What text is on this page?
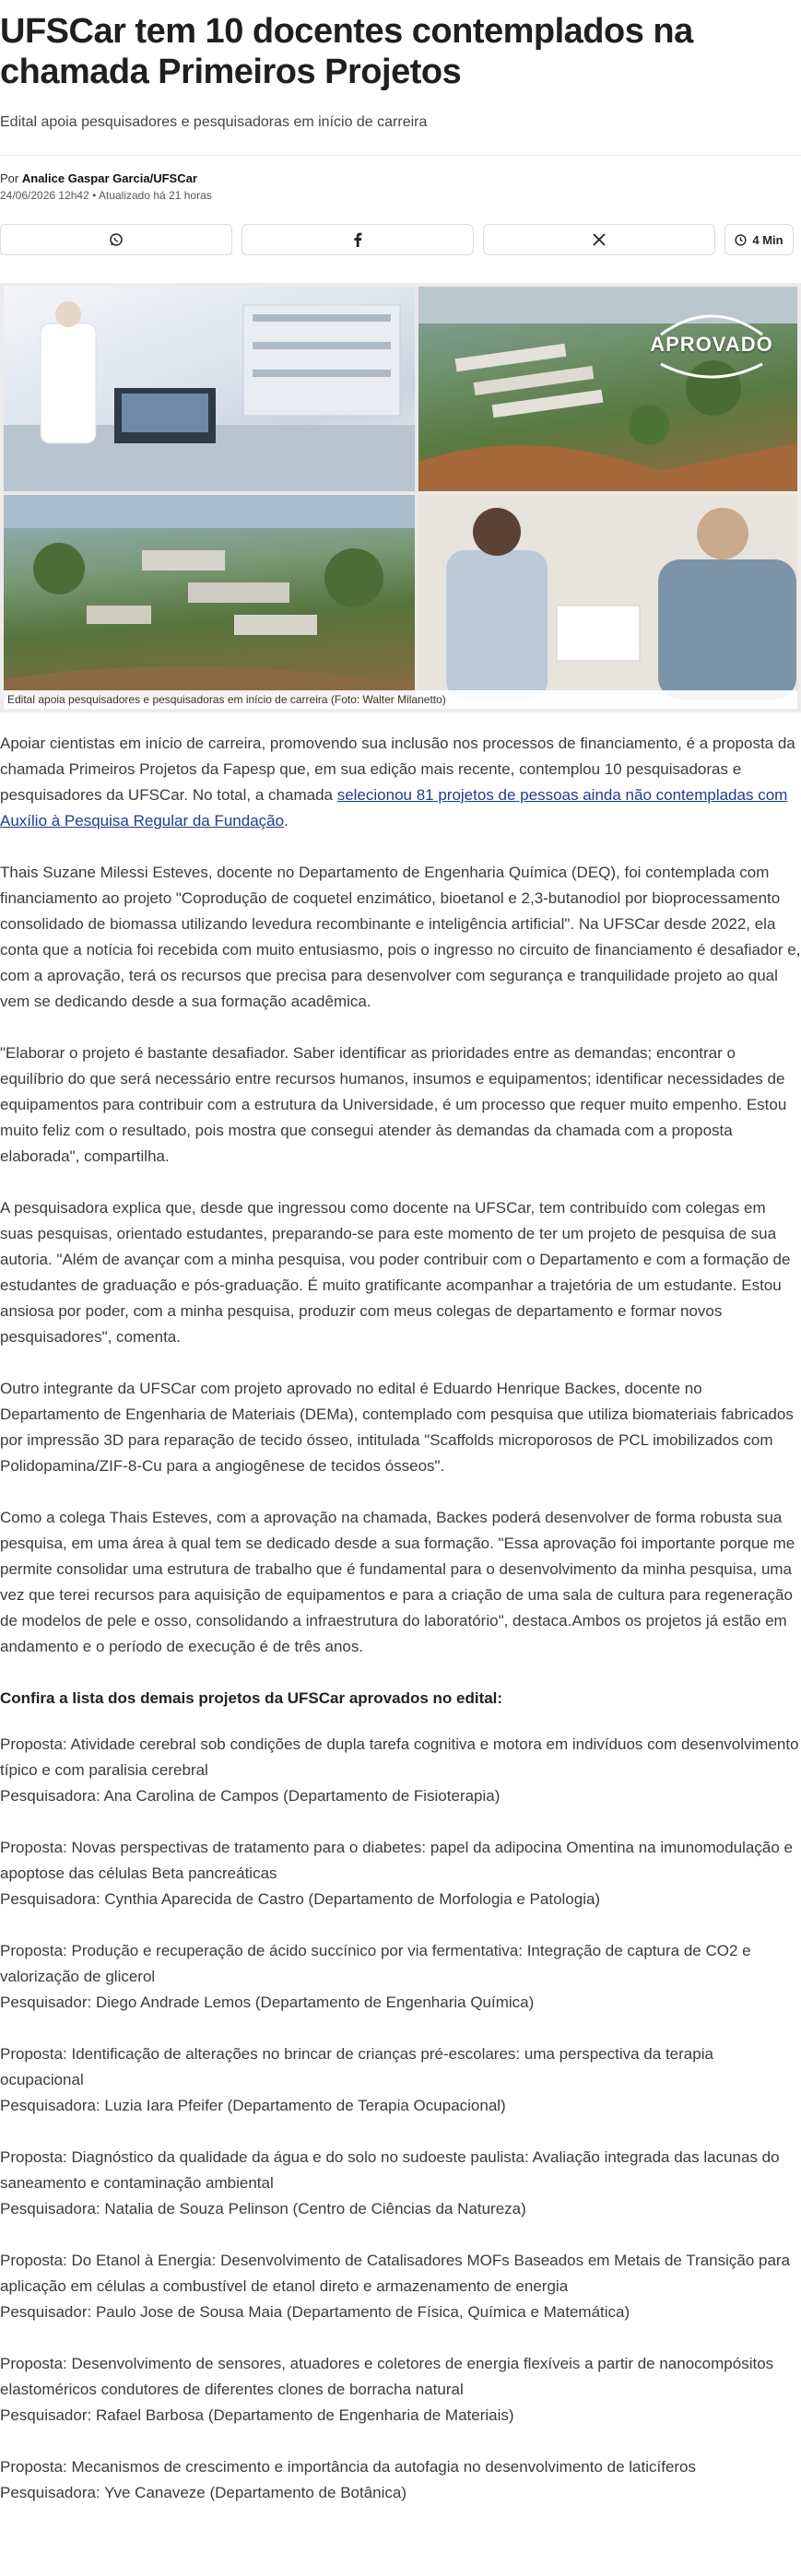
UFSCar tem 10 docentes contemplados na chamada Primeiros Projetos

Edital apoia pesquisadores e pesquisadoras em início de carreira

Por Analice Gaspar Garcia/UFSCar
24/06/2026 12h42 • Atualizado há 21 horas
4 Min
APROVADO
Edital apoia pesquisadores e pesquisadoras em início de carreira (Foto: Walter Milanetto)

Apoiar cientistas em início de carreira, promovendo sua inclusão nos processos de financiamento, é a proposta da chamada Primeiros Projetos da Fapesp que, em sua edição mais recente, contemplou 10 pesquisadoras e pesquisadores da UFSCar. No total, a chamada selecionou 81 projetos de pessoas ainda não contempladas com Auxílio à Pesquisa Regular da Fundação.

Thais Suzane Milessi Esteves, docente no Departamento de Engenharia Química (DEQ), foi contemplada com financiamento ao projeto "Coprodução de coquetel enzimático, bioetanol e 2,3-butanodiol por bioprocessamento consolidado de biomassa utilizando levedura recombinante e inteligência artificial". Na UFSCar desde 2022, ela conta que a notícia foi recebida com muito entusiasmo, pois o ingresso no circuito de financiamento é desafiador e, com a aprovação, terá os recursos que precisa para desenvolver com segurança e tranquilidade projeto ao qual vem se dedicando desde a sua formação acadêmica.

"Elaborar o projeto é bastante desafiador. Saber identificar as prioridades entre as demandas; encontrar o equilíbrio do que será necessário entre recursos humanos, insumos e equipamentos; identificar necessidades de equipamentos para contribuir com a estrutura da Universidade, é um processo que requer muito empenho. Estou muito feliz com o resultado, pois mostra que consegui atender às demandas da chamada com a proposta elaborada", compartilha.

A pesquisadora explica que, desde que ingressou como docente na UFSCar, tem contribuído com colegas em suas pesquisas, orientado estudantes, preparando-se para este momento de ter um projeto de pesquisa de sua autoria. "Além de avançar com a minha pesquisa, vou poder contribuir com o Departamento e com a formação de estudantes de graduação e pós-graduação. É muito gratificante acompanhar a trajetória de um estudante. Estou ansiosa por poder, com a minha pesquisa, produzir com meus colegas de departamento e formar novos pesquisadores", comenta.

Outro integrante da UFSCar com projeto aprovado no edital é Eduardo Henrique Backes, docente no Departamento de Engenharia de Materiais (DEMa), contemplado com pesquisa que utiliza biomateriais fabricados por impressão 3D para reparação de tecido ósseo, intitulada "Scaffolds microporosos de PCL imobilizados com Polidopamina/ZIF-8-Cu para a angiogênese de tecidos ósseos".

Como a colega Thais Esteves, com a aprovação na chamada, Backes poderá desenvolver de forma robusta sua pesquisa, em uma área à qual tem se dedicado desde a sua formação. "Essa aprovação foi importante porque me permite consolidar uma estrutura de trabalho que é fundamental para o desenvolvimento da minha pesquisa, uma vez que terei recursos para aquisição de equipamentos e para a criação de uma sala de cultura para regeneração de modelos de pele e osso, consolidando a infraestrutura do laboratório", destaca.Ambos os projetos já estão em andamento e o período de execução é de três anos.

Confira a lista dos demais projetos da UFSCar aprovados no edital:

Proposta: Atividade cerebral sob condições de dupla tarefa cognitiva e motora em indivíduos com desenvolvimento típico e com paralisia cerebral
Pesquisadora: Ana Carolina de Campos (Departamento de Fisioterapia)
Proposta: Novas perspectivas de tratamento para o diabetes: papel da adipocina Omentina na imunomodulação e apoptose das células Beta pancreáticas
Pesquisadora: Cynthia Aparecida de Castro (Departamento de Morfologia e Patologia)
Proposta: Produção e recuperação de ácido succínico por via fermentativa: Integração de captura de CO2 e valorização de glicerol
Pesquisador: Diego Andrade Lemos (Departamento de Engenharia Química)
Proposta: Identificação de alterações no brincar de crianças pré-escolares: uma perspectiva da terapia ocupacional
Pesquisadora: Luzia Iara Pfeifer (Departamento de Terapia Ocupacional)
Proposta: Diagnóstico da qualidade da água e do solo no sudoeste paulista: Avaliação integrada das lacunas do saneamento e contaminação ambiental
Pesquisadora: Natalia de Souza Pelinson (Centro de Ciências da Natureza)
Proposta: Do Etanol à Energia: Desenvolvimento de Catalisadores MOFs Baseados em Metais de Transição para aplicação em células a combustível de etanol direto e armazenamento de energia
Pesquisador: Paulo Jose de Sousa Maia (Departamento de Física, Química e Matemática)
Proposta: Desenvolvimento de sensores, atuadores e coletores de energia flexíveis a partir de nanocompósitos elastoméricos condutores de diferentes clones de borracha natural
Pesquisador: Rafael Barbosa (Departamento de Engenharia de Materiais)
Proposta: Mecanismos de crescimento e importância da autofagia no desenvolvimento de laticíferos
Pesquisadora: Yve Canaveze (Departamento de Botânica)
